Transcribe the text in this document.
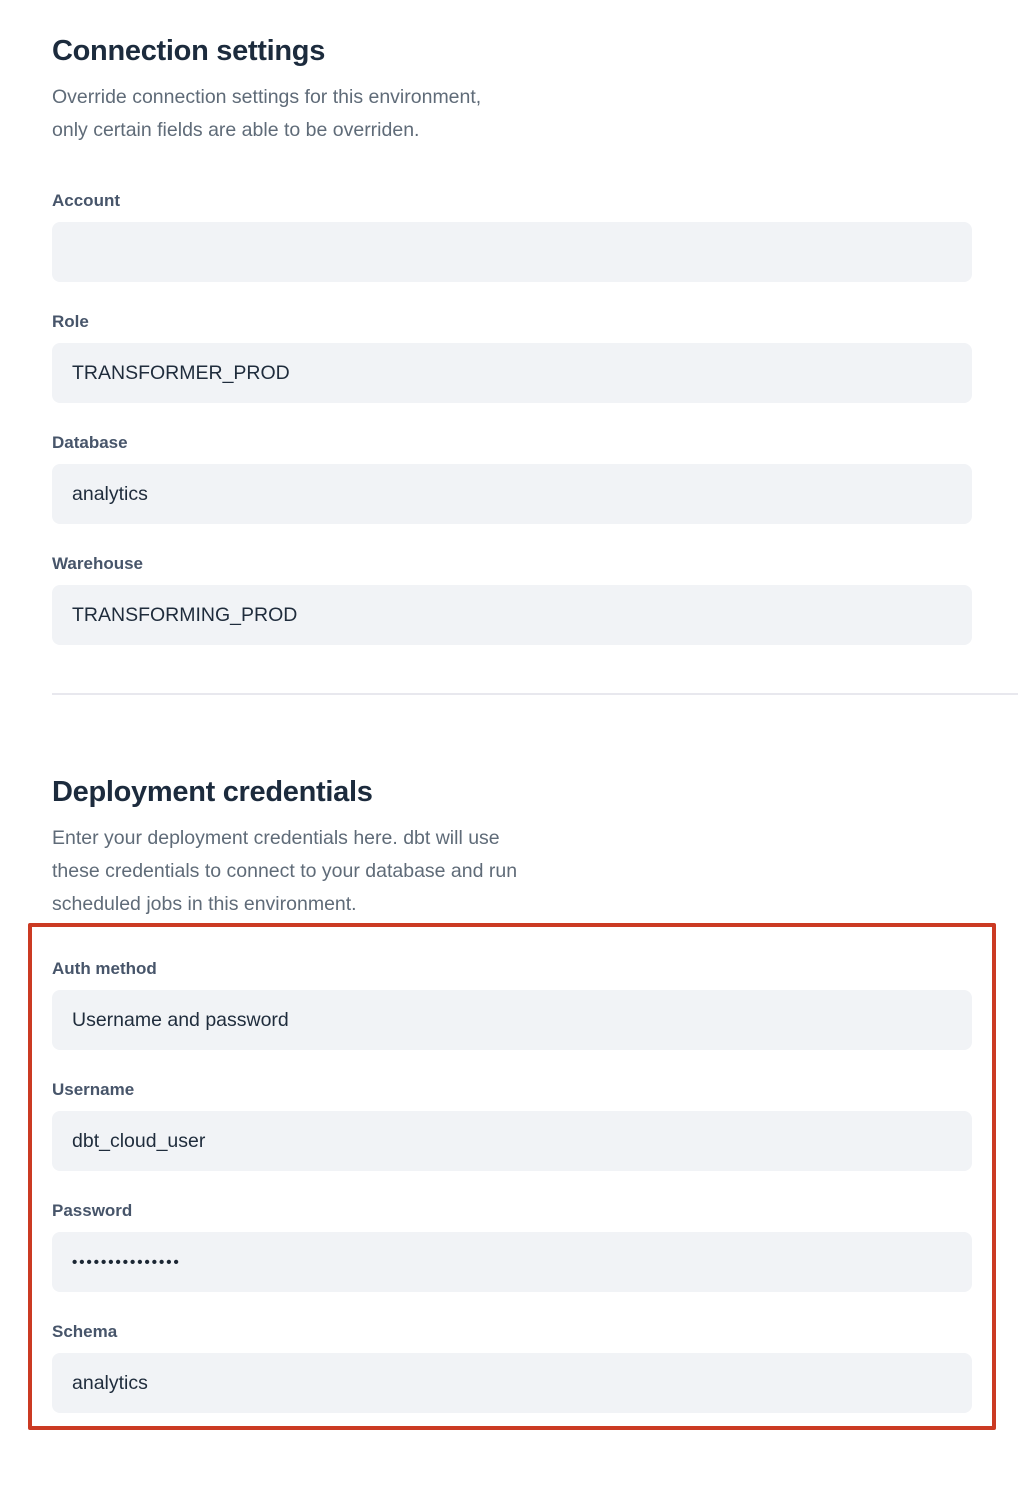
Connection settings

Override connection settings for this environment,
only certain fields are able to be overriden.

Account
Role
TRANSFORMER_PROD
Database
analytics
Warehouse
TRANSFORMING_PROD
Deployment credentials

Enter your deployment credentials here. dbt will use
these credentials to connect to your database and run
scheduled jobs in this environment.

Auth method
Username and password
Username
dbt_cloud_user
Password
•••••••••••••••
Schema
analytics
